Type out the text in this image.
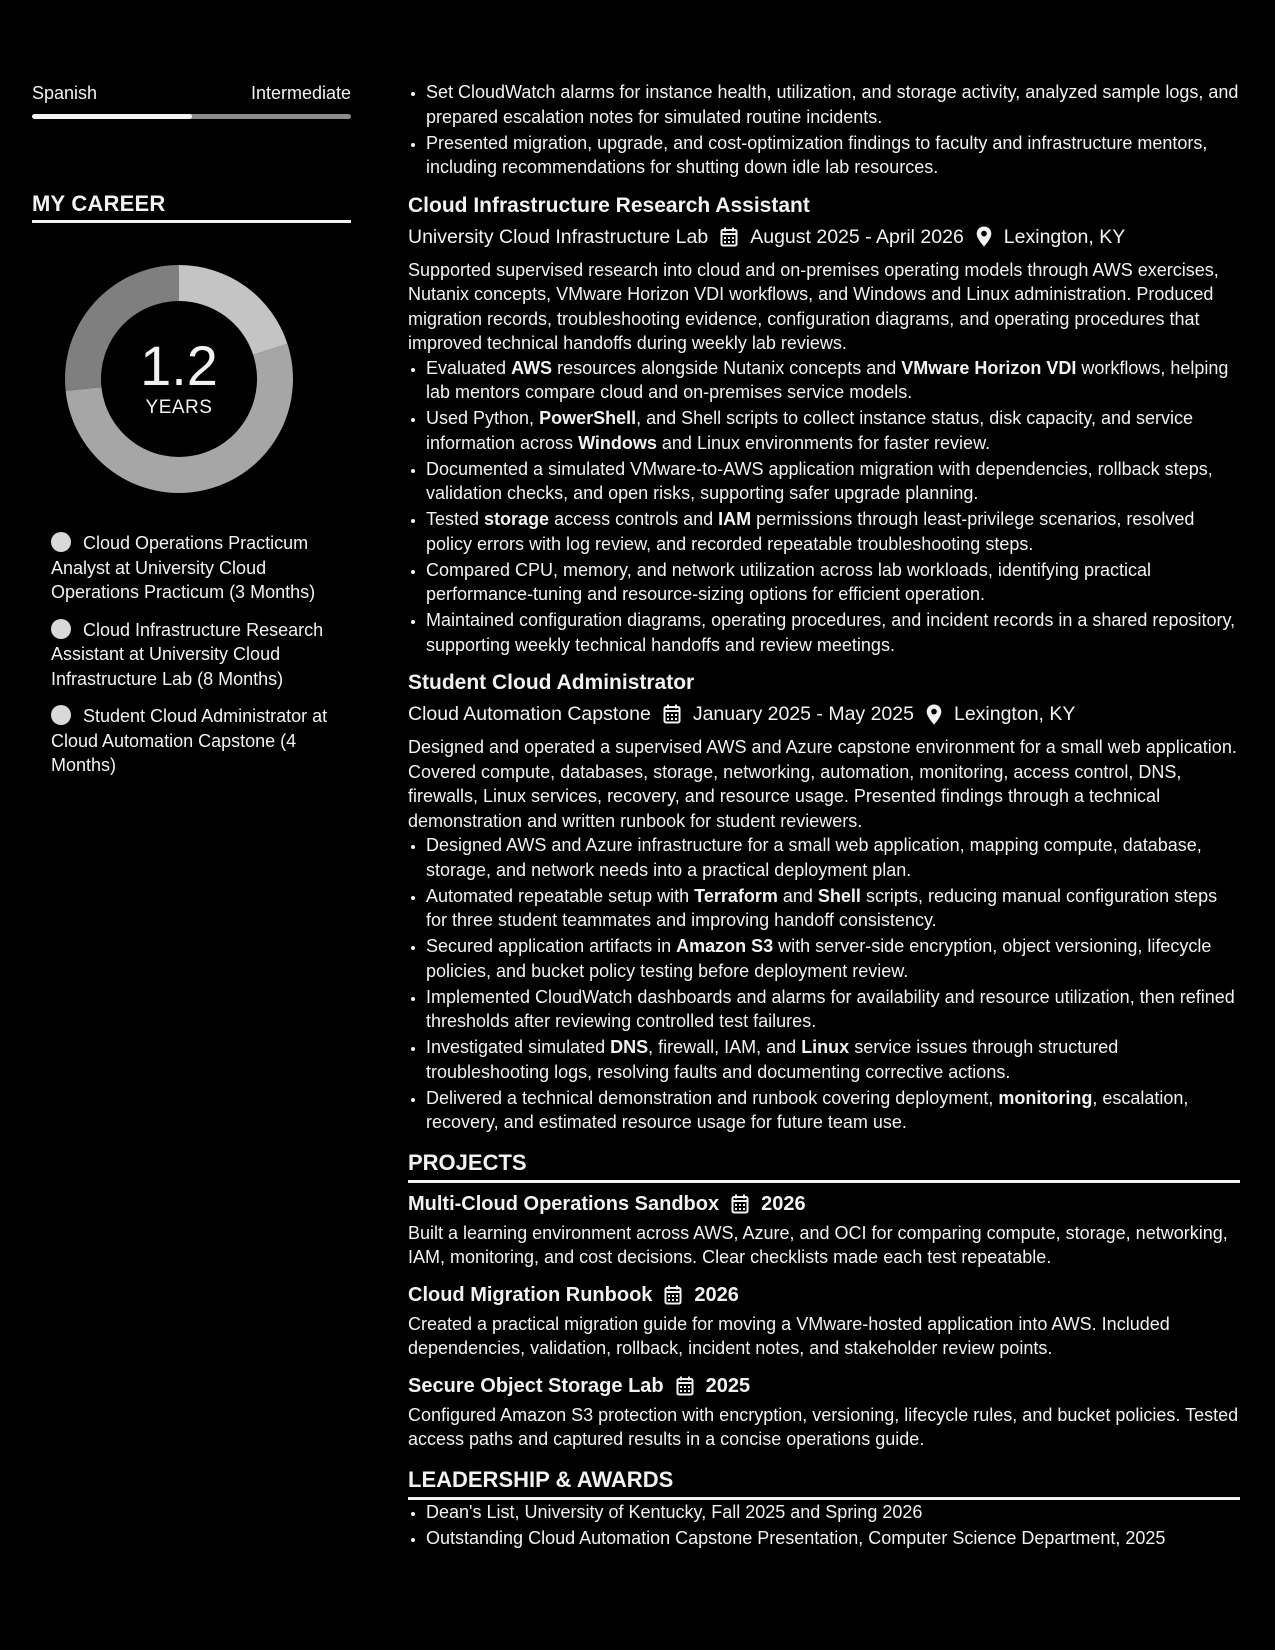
Spanish	Intermediate
MY CAREER
1.2
YEARS
Cloud Operations Practicum Analyst at University Cloud Operations Practicum (3 Months)
Cloud Infrastructure Research Assistant at University Cloud Infrastructure Lab (8 Months)
Student Cloud Administrator at Cloud Automation Capstone (4 Months)
• Set CloudWatch alarms for instance health, utilization, and storage activity, analyzed sample logs, and prepared escalation notes for simulated routine incidents.
• Presented migration, upgrade, and cost-optimization findings to faculty and infrastructure mentors, including recommendations for shutting down idle lab resources.
Cloud Infrastructure Research Assistant
University Cloud Infrastructure Lab August 2025 - April 2026 Lexington, KY
Supported supervised research into cloud and on-premises operating models through AWS exercises, Nutanix concepts, VMware Horizon VDI workflows, and Windows and Linux administration. Produced migration records, troubleshooting evidence, configuration diagrams, and operating procedures that improved technical handoffs during weekly lab reviews.
• Evaluated AWS resources alongside Nutanix concepts and VMware Horizon VDI workflows, helping lab mentors compare cloud and on-premises service models.
• Used Python, PowerShell, and Shell scripts to collect instance status, disk capacity, and service information across Windows and Linux environments for faster review.
• Documented a simulated VMware-to-AWS application migration with dependencies, rollback steps, validation checks, and open risks, supporting safer upgrade planning.
• Tested storage access controls and IAM permissions through least-privilege scenarios, resolved policy errors with log review, and recorded repeatable troubleshooting steps.
• Compared CPU, memory, and network utilization across lab workloads, identifying practical performance-tuning and resource-sizing options for efficient operation.
• Maintained configuration diagrams, operating procedures, and incident records in a shared repository, supporting weekly technical handoffs and review meetings.
Student Cloud Administrator
Cloud Automation Capstone January 2025 - May 2025 Lexington, KY
Designed and operated a supervised AWS and Azure capstone environment for a small web application. Covered compute, databases, storage, networking, automation, monitoring, access control, DNS, firewalls, Linux services, recovery, and resource usage. Presented findings through a technical demonstration and written runbook for student reviewers.
• Designed AWS and Azure infrastructure for a small web application, mapping compute, database, storage, and network needs into a practical deployment plan.
• Automated repeatable setup with Terraform and Shell scripts, reducing manual configuration steps for three student teammates and improving handoff consistency.
• Secured application artifacts in Amazon S3 with server-side encryption, object versioning, lifecycle policies, and bucket policy testing before deployment review.
• Implemented CloudWatch dashboards and alarms for availability and resource utilization, then refined thresholds after reviewing controlled test failures.
• Investigated simulated DNS, firewall, IAM, and Linux service issues through structured troubleshooting logs, resolving faults and documenting corrective actions.
• Delivered a technical demonstration and runbook covering deployment, monitoring, escalation, recovery, and estimated resource usage for future team use.
PROJECTS
Multi-Cloud Operations Sandbox 2026
Built a learning environment across AWS, Azure, and OCI for comparing compute, storage, networking, IAM, monitoring, and cost decisions. Clear checklists made each test repeatable.
Cloud Migration Runbook 2026
Created a practical migration guide for moving a VMware-hosted application into AWS. Included dependencies, validation, rollback, incident notes, and stakeholder review points.
Secure Object Storage Lab 2025
Configured Amazon S3 protection with encryption, versioning, lifecycle rules, and bucket policies. Tested access paths and captured results in a concise operations guide.
LEADERSHIP & AWARDS
• Dean's List, University of Kentucky, Fall 2025 and Spring 2026
• Outstanding Cloud Automation Capstone Presentation, Computer Science Department, 2025
